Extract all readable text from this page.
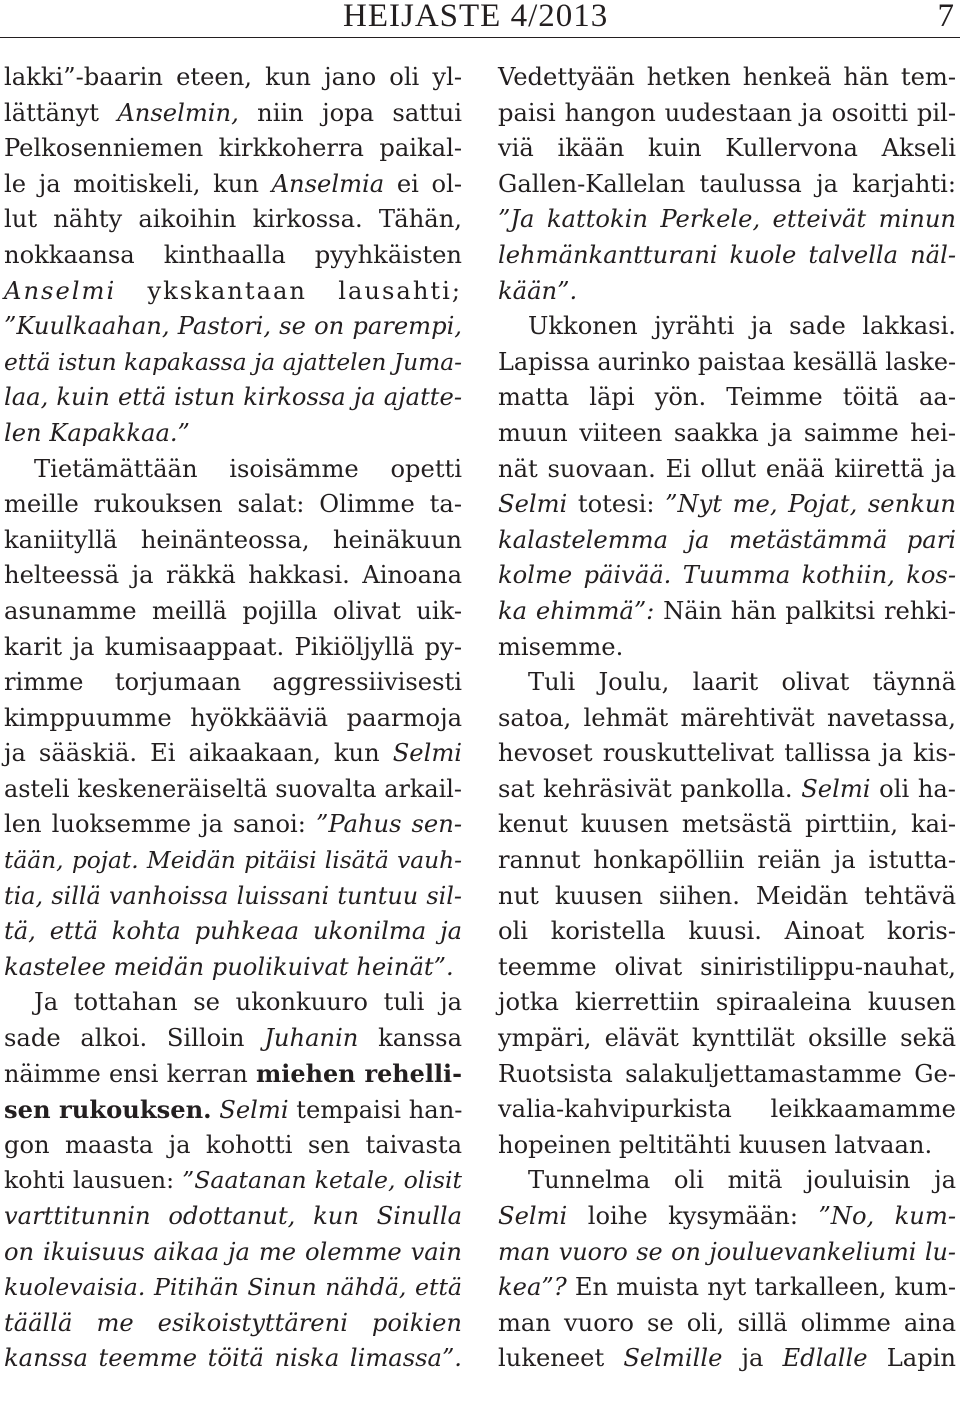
HEIJASTE 4/2013	7
lakki”-baarin eteen, kun jano oli yl-
lättänyt Anselmin, niin jopa sattui
Pelkosenniemen kirkkoherra paikal-
le ja moitiskeli, kun Anselmia ei ol-
lut nähty aikoihin kirkossa. Tähän,
nokkaansa kinthaalla pyyhkäisten
Anselmi ykskantaan lausahti;
”Kuulkaahan, Pastori, se on parempi,
että istun kapakassa ja ajattelen Juma-
laa, kuin että istun kirkossa ja ajatte-
len Kapakkaa.”
Tietämättään isoisämme opetti
meille rukouksen salat: Olimme ta-
kaniityllä heinänteossa, heinäkuun
helteessä ja räkkä hakkasi. Ainoana
asunamme meillä pojilla olivat uik-
karit ja kumisaappaat. Pikiöljyllä py-
rimme torjumaan aggressiivisesti
kimppuumme hyökkääviä paarmoja
ja sääskiä. Ei aikaakaan, kun Selmi
asteli keskeneräiseltä suovalta arkail-
len luoksemme ja sanoi: ”Pahus sen-
tään, pojat. Meidän pitäisi lisätä vauh-
tia, sillä vanhoissa luissani tuntuu sil-
tä, että kohta puhkeaa ukonilma ja
kastelee meidän puolikuivat heinät”.
Ja tottahan se ukonkuuro tuli ja
sade alkoi. Silloin Juhanin kanssa
näimme ensi kerran miehen rehelli-
sen rukouksen. Selmi tempaisi han-
gon maasta ja kohotti sen taivasta
kohti lausuen: ”Saatanan ketale, olisit
varttitunnin odottanut, kun Sinulla
on ikuisuus aikaa ja me olemme vain
kuolevaisia. Pitihän Sinun nähdä, että
täällä me esikoistyttäreni poikien
kanssa teemme töitä niska limassa”.
Vedettyään hetken henkeä hän tem-
paisi hangon uudestaan ja osoitti pil-
viä ikään kuin Kullervona Akseli
Gallen-Kallelan taulussa ja karjahti:
”Ja kattokin Perkele, etteivät minun
lehmänkantturani kuole talvella näl-
kään”.
Ukkonen jyrähti ja sade lakkasi.
Lapissa aurinko paistaa kesällä laske-
matta läpi yön. Teimme töitä aa-
muun viiteen saakka ja saimme hei-
nät suovaan. Ei ollut enää kiirettä ja
Selmi totesi: ”Nyt me, Pojat, senkun
kalastelemma ja metästämmä pari
kolme päivää. Tuumma kothiin, kos-
ka ehimmä”: Näin hän palkitsi rehki-
misemme.
Tuli Joulu, laarit olivat täynnä
satoa, lehmät märehtivät navetassa,
hevoset rouskuttelivat tallissa ja kis-
sat kehräsivät pankolla. Selmi oli ha-
kenut kuusen metsästä pirttiin, kai-
rannut honkapölliin reiän ja istutta-
nut kuusen siihen. Meidän tehtävä
oli koristella kuusi. Ainoat koris-
teemme olivat siniristilippu-nauhat,
jotka kierrettiin spiraaleina kuusen
ympäri, elävät kynttilät oksille sekä
Ruotsista salakuljettamastamme Ge-
valia-kahvipurkista leikkaamamme
hopeinen peltitähti kuusen latvaan.
Tunnelma oli mitä jouluisin ja
Selmi loihe kysymään: ”No, kum-
man vuoro se on jouluevankeliumi lu-
kea”? En muista nyt tarkalleen, kum-
man vuoro se oli, sillä olimme aina
lukeneet Selmille ja Edlalle Lapin
